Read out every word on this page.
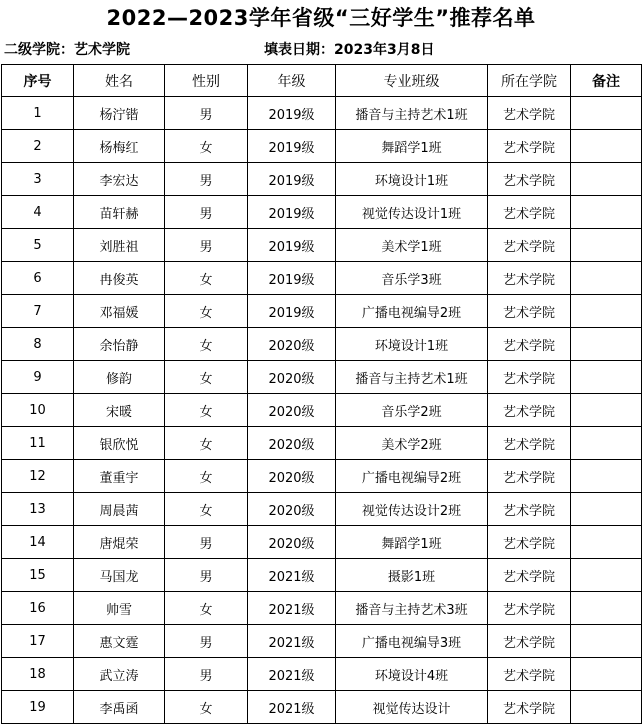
2022—2023学年省级“三好学生”推荐名单
二级学院：艺术学院	填表日期：2023年3月8日
序号	姓名	性别	年级	专业班级	所在学院	备注
1	杨泞锴	男	2019级	播音与主持艺术1班	艺术学院	
2	杨梅红	女	2019级	舞蹈学1班	艺术学院	
3	李宏达	男	2019级	环境设计1班	艺术学院	
4	苗轩赫	男	2019级	视觉传达设计1班	艺术学院	
5	刘胜祖	男	2019级	美术学1班	艺术学院	
6	冉俊英	女	2019级	音乐学3班	艺术学院	
7	邓福媛	女	2019级	广播电视编导2班	艺术学院	
8	余怡静	女	2020级	环境设计1班	艺术学院	
9	修韵	女	2020级	播音与主持艺术1班	艺术学院	
10	宋暖	女	2020级	音乐学2班	艺术学院	
11	银欣悦	女	2020级	美术学2班	艺术学院	
12	董重宇	女	2020级	广播电视编导2班	艺术学院	
13	周晨茜	女	2020级	视觉传达设计2班	艺术学院	
14	唐焜荣	男	2020级	舞蹈学1班	艺术学院	
15	马国龙	男	2021级	摄影1班	艺术学院	
16	帅雪	女	2021级	播音与主持艺术3班	艺术学院	
17	惠文霆	男	2021级	广播电视编导3班	艺术学院	
18	武立涛	男	2021级	环境设计4班	艺术学院	
19	李禹函	女	2021级	视觉传达设计	艺术学院	
